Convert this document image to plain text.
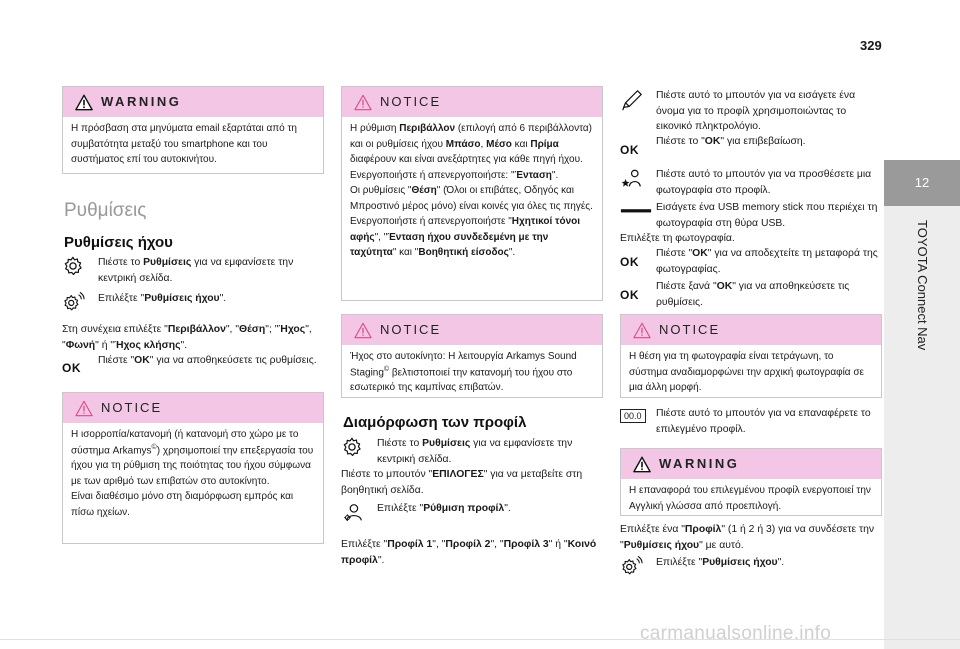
329
12
TOYOTA Connect Nav
WARNING

Η πρόσβαση στα μηνύματα email εξαρτάται από τη συμβατότητα μεταξύ του smartphone και του συστήματος επί του αυτοκινήτου.

Ρυθμίσεις
Ρυθμίσεις ήχου
Πιέστε το Ρυθμίσεις για να εμφανίσετε την κεντρική σελίδα.
Επιλέξτε "Ρυθμίσεις ήχου".

Στη συνέχεια επιλέξτε "Περιβάλλον", "Θέση"; "Ήχος", "Φωνή" ή "Ήχος κλήσης".

OK
Πιέστε "OK" για να αποθηκεύσετε τις ρυθμίσεις.
NOTICE

Η ισορροπία/κατανομή (ή κατανομή στο χώρο με το σύστημα Arkamys©) χρησιμοποιεί την επεξεργασία του ήχου για τη ρύθμιση της ποιότητας του ήχου σύμφωνα με των αριθμό των επιβατών στο αυτοκίνητο.

Είναι διαθέσιμο μόνο στη διαμόρφωση εμπρός και πίσω ηχείων.

NOTICE

Η ρύθμιση Περιβάλλον (επιλογή από 6 περιβάλλοντα) και οι ρυθμίσεις ήχου Μπάσο, Μέσο και Πρίμα διαφέρουν και είναι ανεξάρτητες για κάθε πηγή ήχου.

Ενεργοποιήστε ή απενεργοποιήστε: "Ένταση".

Οι ρυθμίσεις "Θέση" (Όλοι οι επιβάτες, Οδηγός και Μπροστινό μέρος μόνο) είναι κοινές για όλες τις πηγές.

Ενεργοποιήστε ή απενεργοποιήστε "Ηχητικοί τόνοι αφής", "Ένταση ήχου συνδεδεμένη με την ταχύτητα" και "Βοηθητική είσοδος".

NOTICE

Ήχος στο αυτοκίνητο: Η λειτουργία Arkamys Sound Staging© βελτιστοποιεί την κατανομή του ήχου στο εσωτερικό της καμπίνας επιβατών.

Διαμόρφωση των προφίλ
Πιέστε το Ρυθμίσεις για να εμφανίσετε την κεντρική σελίδα.

Πιέστε το μπουτόν "ΕΠΙΛΟΓΕΣ" για να μεταβείτε στη βοηθητική σελίδα.

Επιλέξτε "Ρύθμιση προφίλ".

Επιλέξτε "Προφίλ 1", "Προφίλ 2", "Προφίλ 3" ή "Κοινό προφίλ".

Πιέστε αυτό το μπουτόν για να εισάγετε ένα όνομα για το προφίλ χρησιμοποιώντας το εικονικό πληκτρολόγιο.
OK
Πιέστε το "OK" για επιβεβαίωση.
Πιέστε αυτό το μπουτόν για να προσθέσετε μια φωτογραφία στο προφίλ.
Εισάγετε ένα USB memory stick που περιέχει τη φωτογραφία στη θύρα USB.

Επιλέξτε τη φωτογραφία.

OK
Πιέστε "OK" για να αποδεχτείτε τη μεταφορά της φωτογραφίας.
OK
Πιέστε ξανά "OK" για να αποθηκεύσετε τις ρυθμίσεις.
NOTICE

Η θέση για τη φωτογραφία είναι τετράγωνη, το σύστημα αναδιαμορφώνει την αρχική φωτογραφία σε μια άλλη μορφή.

00.0	Πιέστε αυτό το μπουτόν για να επαναφέρετε το επιλεγμένο προφίλ.
WARNING

Η επαναφορά του επιλεγμένου προφίλ ενεργοποιεί την Αγγλική γλώσσα από προεπιλογή.

Επιλέξτε ένα "Προφίλ" (1 ή 2 ή 3) για να συνδέσετε την "Ρυθμίσεις ήχου" με αυτό.

Επιλέξτε "Ρυθμίσεις ήχου".
carmanualsonline.info
